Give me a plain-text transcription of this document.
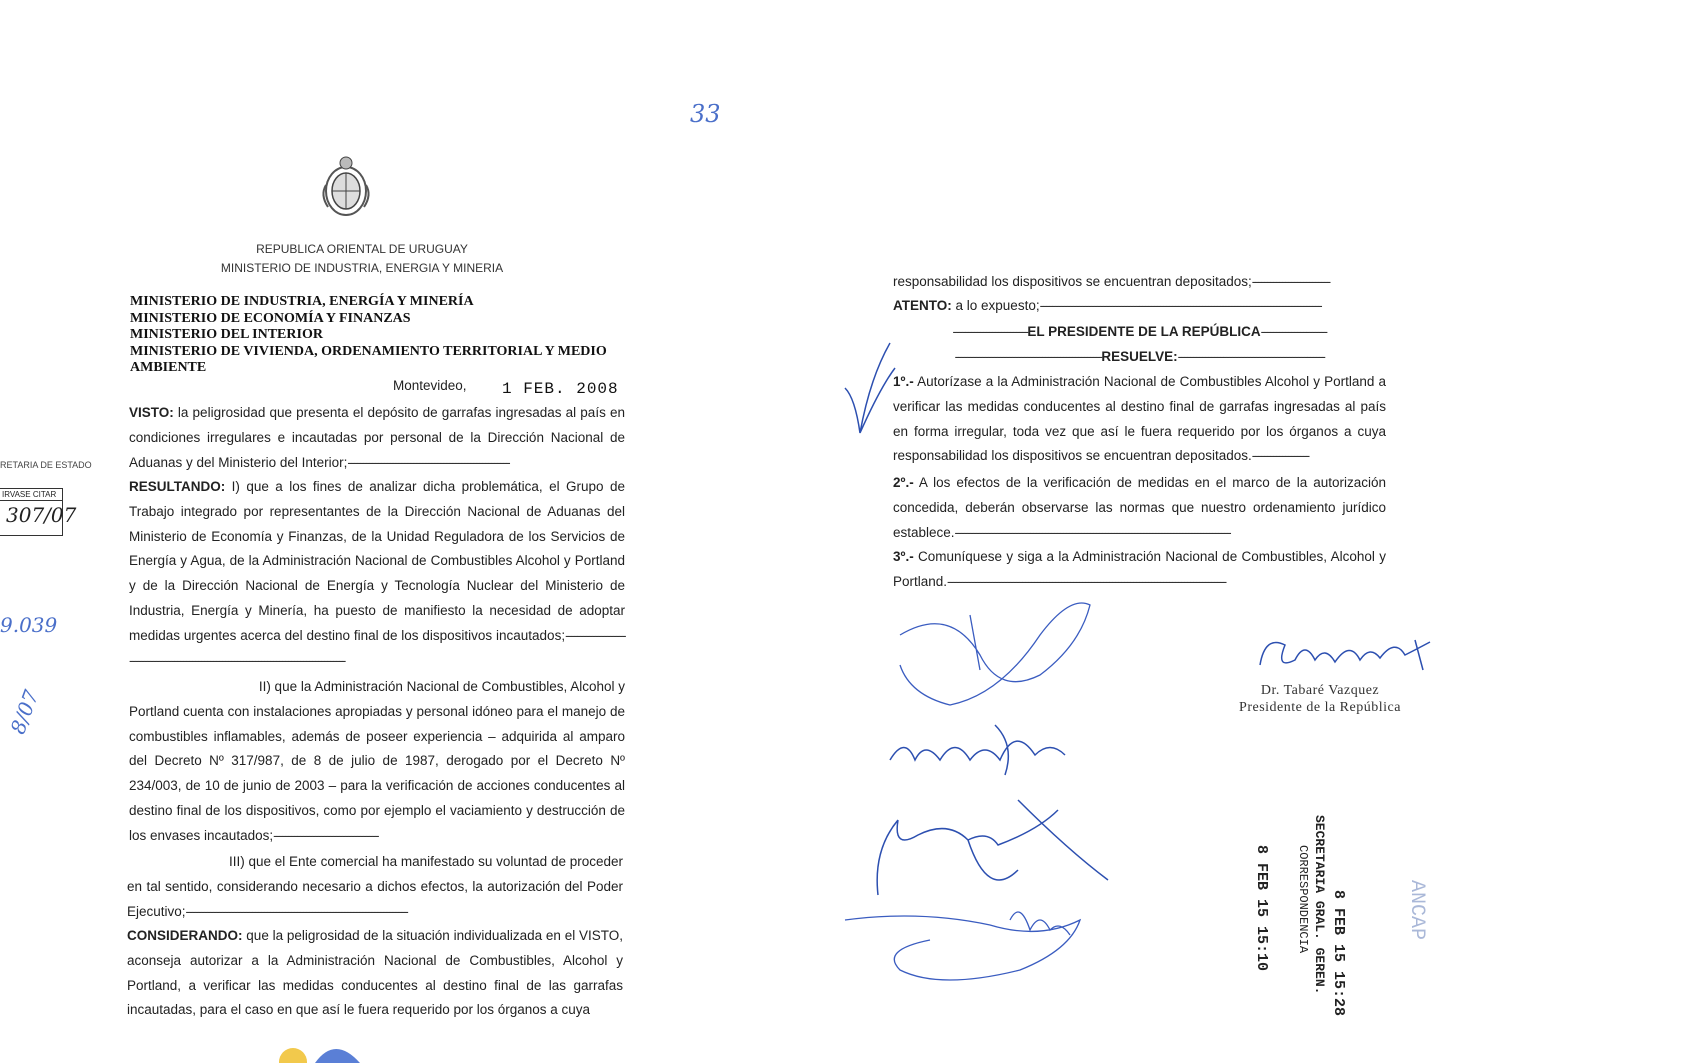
33
REPUBLICA ORIENTAL DE URUGUAY
MINISTERIO DE INDUSTRIA, ENERGIA Y MINERIA
MINISTERIO DE INDUSTRIA, ENERGÍA Y MINERÍA
MINISTERIO DE ECONOMÍA Y FINANZAS
MINISTERIO DEL INTERIOR
MINISTERIO DE VIVIENDA, ORDENAMIENTO TERRITORIAL Y MEDIO
AMBIENTE
Montevideo, 1 FEB. 2008
RETARIA DE ESTADO
IRVASE CITAR
307/07
9.039
8/07
VISTO: la peligrosidad que presenta el depósito de garrafas ingresadas al país en condiciones irregulares e incautadas por personal de la Dirección Nacional de Aduanas y del Ministerio del Interior;------------------------------------------------------
RESULTANDO: I) que a los fines de analizar dicha problemática, el Grupo de Trabajo integrado por representantes de la Dirección Nacional de Aduanas del Ministerio de Economía y Finanzas, de la Unidad Reguladora de los Servicios de Energía y Agua, de la Administración Nacional de Combustibles Alcohol y Portland y de la Dirección Nacional de Energía y Tecnología Nuclear del Ministerio de Industria, Energía y Minería, ha puesto de manifiesto la necesidad de adoptar medidas urgentes acerca del destino final de los dispositivos incautados;--------------------------------------------------------------------------------------------
II) que la Administración Nacional de Combustibles, Alcohol y
Portland cuenta con instalaciones apropiadas y personal idóneo para el manejo de combustibles inflamables, además de poseer experiencia – adquirida al amparo del Decreto Nº 317/987, de 8 de julio de 1987, derogado por el Decreto Nº 234/003, de 10 de junio de 2003 – para la verificación de acciones conducentes al destino final de los dispositivos, como por ejemplo el vaciamiento y destrucción de los envases incautados;-----------------------------------
III) que el Ente comercial ha manifestado su voluntad de proceder
en tal sentido, considerando necesario a dichos efectos, la autorización del Poder Ejecutivo;--------------------------------------------------------------------------
CONSIDERANDO: que la peligrosidad de la situación individualizada en el VISTO, aconseja autorizar a la Administración Nacional de Combustibles, Alcohol y Portland, a verificar las medidas conducentes al destino final de las garrafas incautadas, para el caso en que así le fuera requerido por los órganos a cuya
responsabilidad los dispositivos se encuentran depositados;--------------------------
ATENTO: a lo expuesto;----------------------------------------------------------------------------------------------
-------------------------EL PRESIDENTE DE LA REPÚBLICA----------------------
-------------------------------------------------RESUELVE:-------------------------------------------------
1º.- Autorízase a la Administración Nacional de Combustibles Alcohol y Portland a verificar las medidas conducentes al destino final de garrafas ingresadas al país en forma irregular, toda vez que así le fuera requerido por los órganos a cuya responsabilidad los dispositivos se encuentran depositados.-------------------
2º.- A los efectos de la verificación de medidas en el marco de la autorización concedida, deberán observarse las normas que nuestro ordenamiento jurídico establece.--------------------------------------------------------------------------------------------
3º.- Comuníquese y siga a la Administración Nacional de Combustibles, Alcohol y Portland.---------------------------------------------------------------------------------------------
Dr. Tabaré Vazquez
Presidente de la República
8 FEB 15 15:10	SECRETARIA GRAL. GEREN.
CORRESPONDENCIA 8 FEB 15 15:28	ANCAP
